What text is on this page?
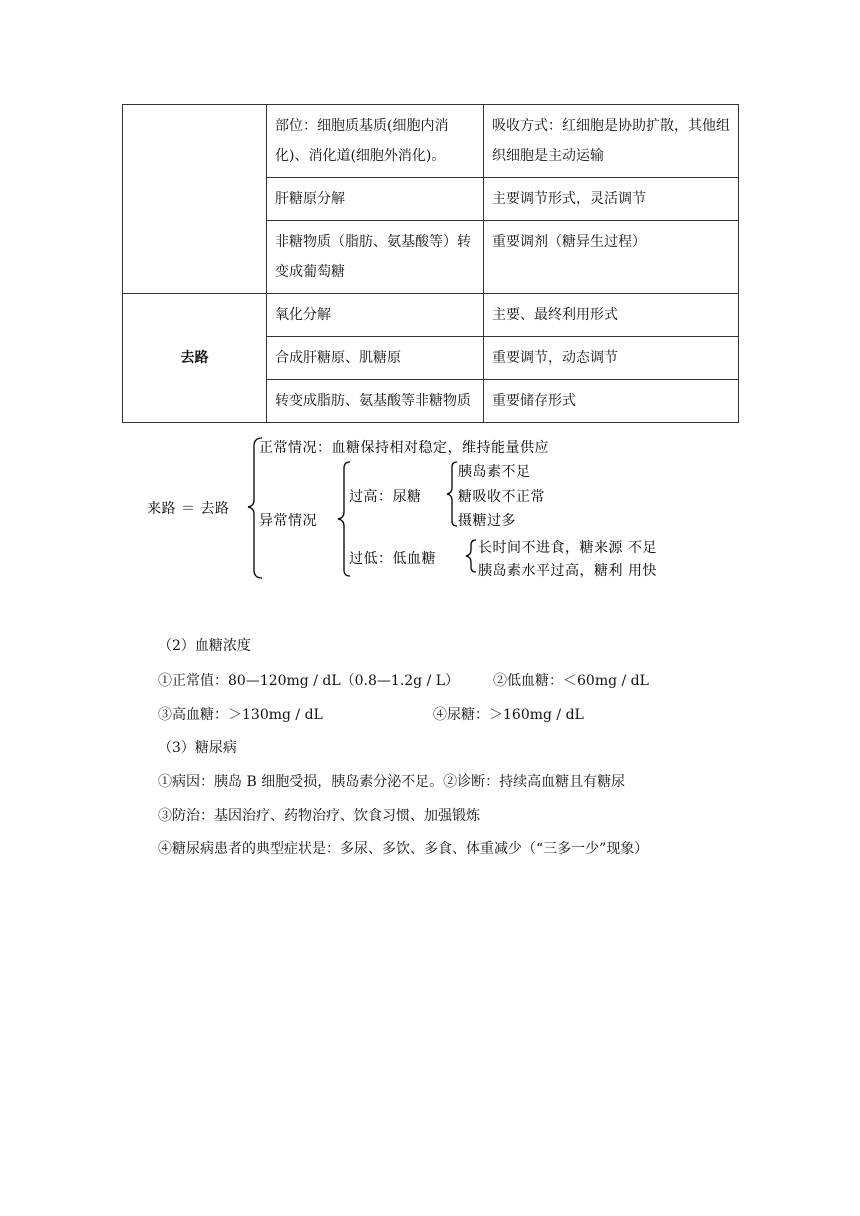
	部位：细胞质基质(细胞内消化)、消化道(细胞外消化)。	吸收方式：红细胞是协助扩散，其他组织细胞是主动运输
	肝糖原分解	主要调节形式，灵活调节
	非糖物质（脂肪、氨基酸等）转变成葡萄糖	重要调剂（糖异生过程）
去路	氧化分解	主要、最终利用形式
	合成肝糖原、肌糖原	重要调节，动态调节
	转变成脂肪、氨基酸等非糖物质	重要储存形式
来路 ＝ 去路
正常情况：血糖保持相对稳定，维持能量供应
异常情况
过高：尿糖
胰岛素不足
糖吸收不正常
摄糖过多
过低：低血糖
长时间不进食，糖来源 不足
胰岛素水平过高，糖利 用快
（2）血糖浓度
①正常值：80—120mg / dL（0.8—1.2g / L） ②低血糖：＜60mg / dL
③高血糖：＞130mg / dL	④尿糖：＞160mg / dL
（3）糖尿病
①病因：胰岛 B 细胞受损，胰岛素分泌不足。②诊断：持续高血糖且有糖尿
③防治：基因治疗、药物治疗、饮食习惯、加强锻炼
④糖尿病患者的典型症状是：多尿、多饮、多食、体重减少（“三多一少”现象）
